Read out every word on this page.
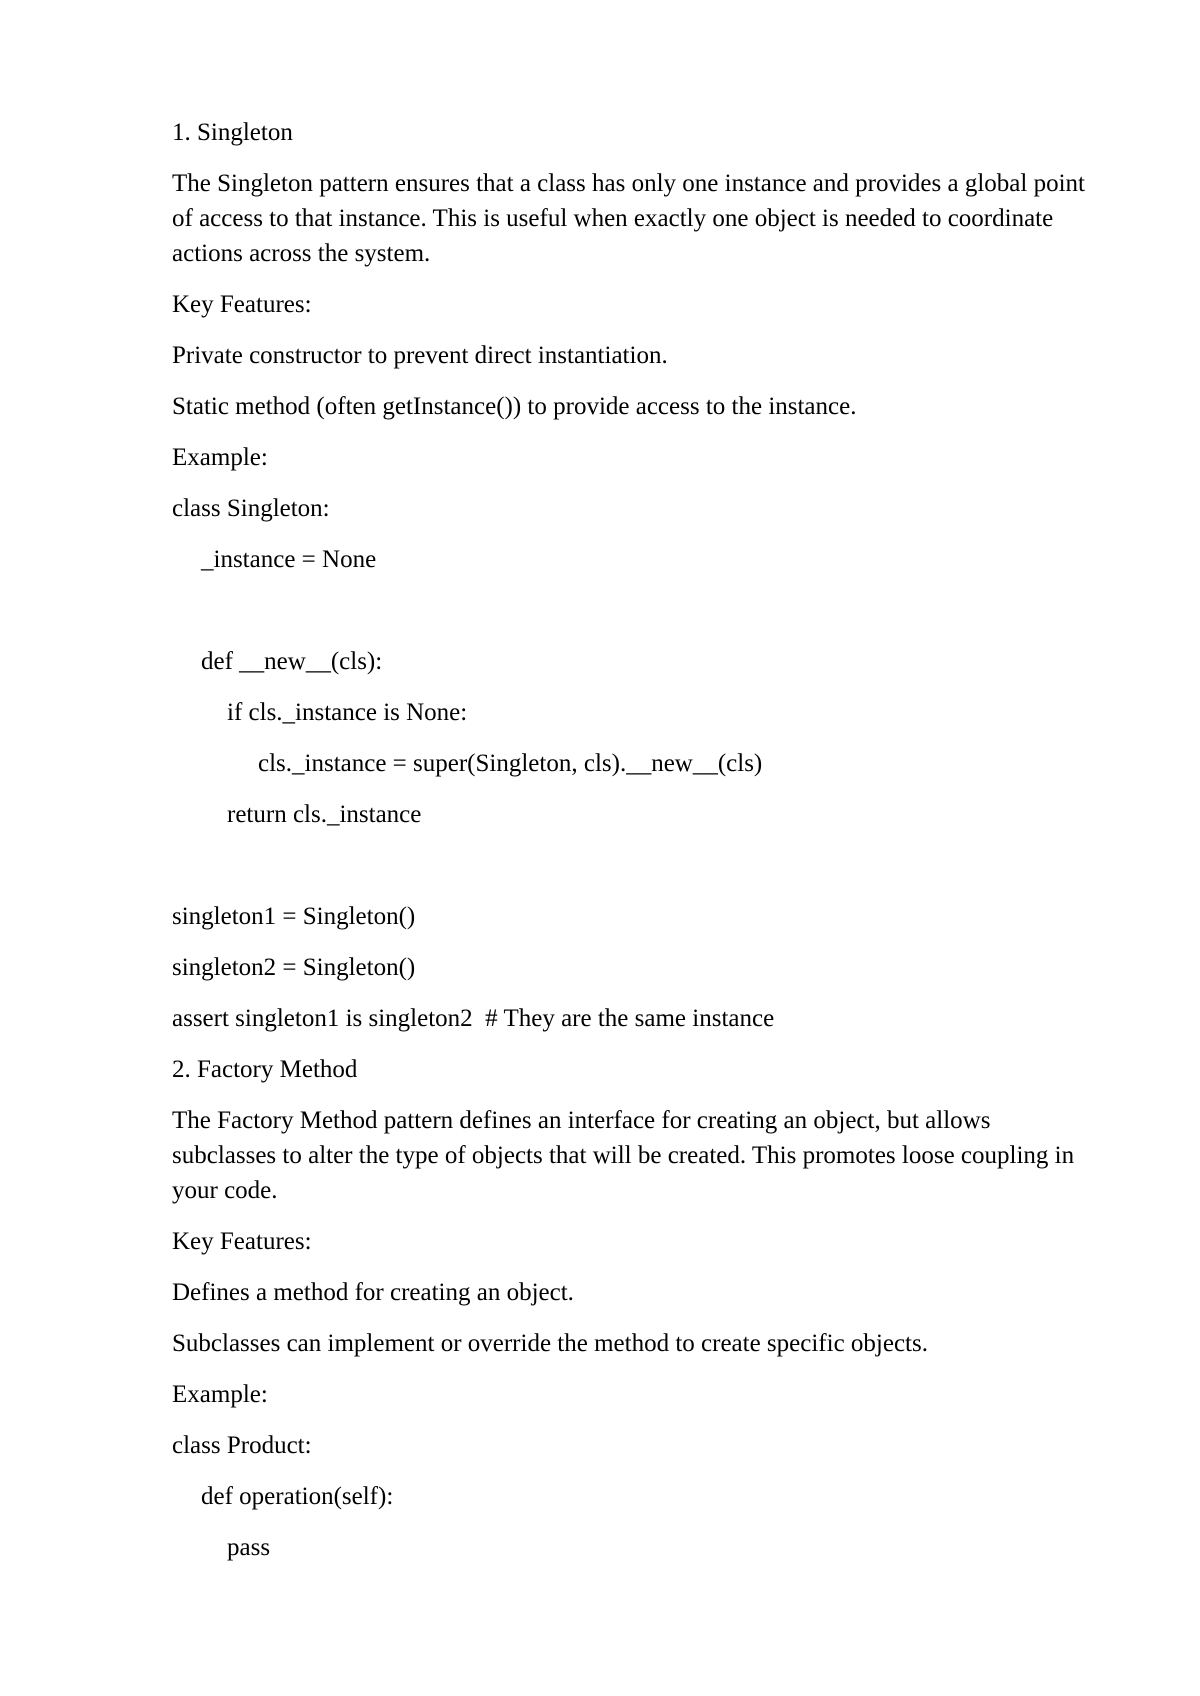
1. Singleton

The Singleton pattern ensures that a class has only one instance and provides a global point of access to that instance. This is useful when exactly one object is needed to coordinate actions across the system.

Key Features:

Private constructor to prevent direct instantiation.

Static method (often getInstance()) to provide access to the instance.

Example:

class Singleton:
_instance = None
def __new__(cls):
if cls._instance is None:
cls._instance = super(Singleton, cls).__new__(cls)
return cls._instance
singleton1 = Singleton()
singleton2 = Singleton()
assert singleton1 is singleton2  # They are the same instance

2. Factory Method

The Factory Method pattern defines an interface for creating an object, but allows subclasses to alter the type of objects that will be created. This promotes loose coupling in your code.

Key Features:

Defines a method for creating an object.

Subclasses can implement or override the method to create specific objects.

Example:

class Product:
def operation(self):
pass
